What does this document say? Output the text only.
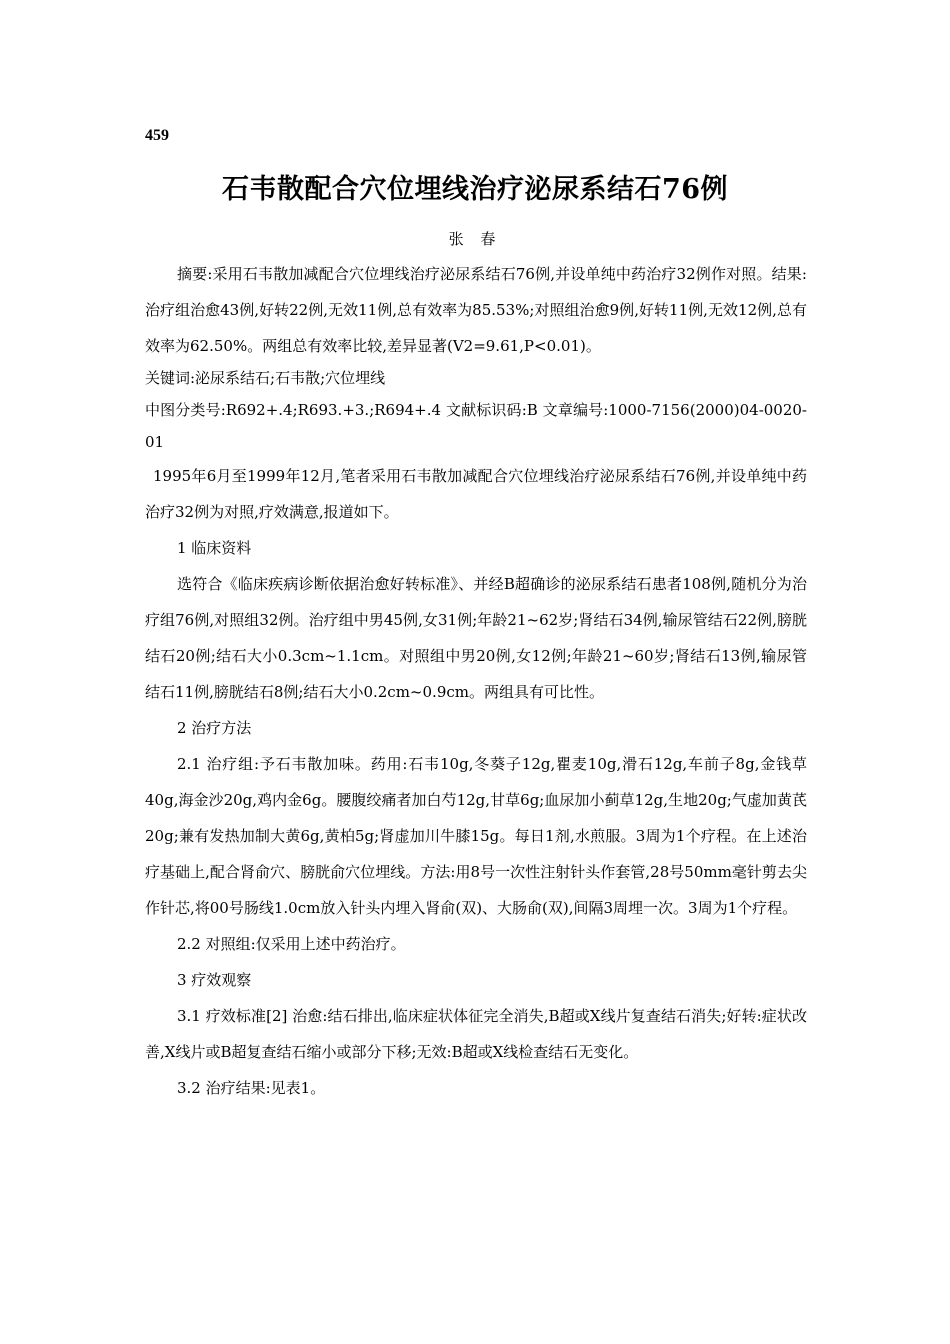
459
石韦散配合穴位埋线治疗泌尿系结石76例
张 春

摘要:采用石韦散加减配合穴位埋线治疗泌尿系结石76例,并设单纯中药治疗32例作对照。结果:治疗组治愈43例,好转22例,无效11例,总有效率为85.53%;对照组治愈9例,好转11例,无效12例,总有效率为62.50%。两组总有效率比较,差异显著(V2=9.61,P<0.01)。

关键词:泌尿系结石;石韦散;穴位埋线

中图分类号:R692+.4;R693.+3.;R694+.4 文献标识码:B 文章编号:1000-7156(2000)04-0020-01

1995年6月至1999年12月,笔者采用石韦散加减配合穴位埋线治疗泌尿系结石76例,并设单纯中药治疗32例为对照,疗效满意,报道如下。

1 临床资料

选符合《临床疾病诊断依据治愈好转标准》、并经B超确诊的泌尿系结石患者108例,随机分为治疗组76例,对照组32例。治疗组中男45例,女31例;年龄21~62岁;肾结石34例,输尿管结石22例,膀胱结石20例;结石大小0.3cm~1.1cm。对照组中男20例,女12例;年龄21~60岁;肾结石13例,输尿管结石11例,膀胱结石8例;结石大小0.2cm~0.9cm。两组具有可比性。

2 治疗方法

2.1 治疗组:予石韦散加味。药用:石韦10g,冬葵子12g,瞿麦10g,滑石12g,车前子8g,金钱草40g,海金沙20g,鸡内金6g。腰腹绞痛者加白芍12g,甘草6g;血尿加小蓟草12g,生地20g;气虚加黄芪20g;兼有发热加制大黄6g,黄柏5g;肾虚加川牛膝15g。每日1剂,水煎服。3周为1个疗程。在上述治疗基础上,配合肾俞穴、膀胱俞穴位埋线。方法:用8号一次性注射针头作套管,28号50mm毫针剪去尖作针芯,将00号肠线1.0cm放入针头内埋入肾俞(双)、大肠俞(双),间隔3周埋一次。3周为1个疗程。

2.2 对照组:仅采用上述中药治疗。

3 疗效观察

3.1 疗效标准[2] 治愈:结石排出,临床症状体征完全消失,B超或X线片复查结石消失;好转:症状改善,X线片或B超复查结石缩小或部分下移;无效:B超或X线检查结石无变化。

3.2 治疗结果:见表1。
